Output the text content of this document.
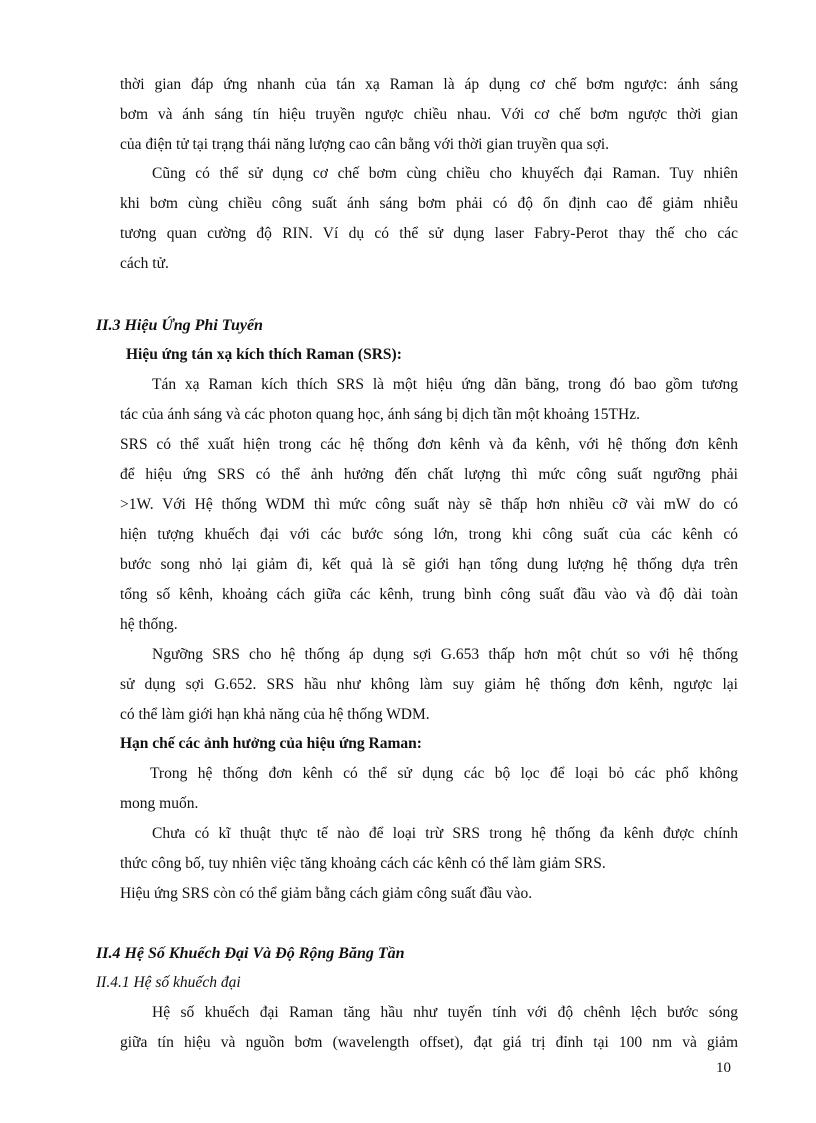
thời gian đáp ứng nhanh của tán xạ Raman là áp dụng cơ chế bơm ngược: ánh sáng
bơm và ánh sáng tín hiệu truyền ngược chiều nhau. Với cơ chế bơm ngược thời gian
của điện tử tại trạng thái năng lượng cao cân bằng với thời gian truyền qua sợi.
Cũng có thể sử dụng cơ chế bơm cùng chiều cho khuyếch đại Raman. Tuy nhiên
khi bơm cùng chiều công suất ánh sáng bơm phải có độ ổn định cao để giảm nhiễu
tương quan cường độ RIN. Ví dụ có thể sử dụng laser Fabry-Perot thay thế cho các
cách tử.
II.3 Hiệu Ứng Phi Tuyến
Hiệu ứng tán xạ kích thích Raman (SRS):
Tán xạ Raman kích thích SRS là một hiệu ứng dãn băng, trong đó bao gồm tương
tác của ánh sáng và các photon quang học, ánh sáng bị dịch tần một khoảng 15THz.
SRS có thể xuất hiện trong các hệ thống đơn kênh và đa kênh, với hệ thống đơn kênh
để hiệu ứng SRS có thể ảnh hưởng đến chất lượng thì mức công suất ngưỡng phải
>1W. Với Hệ thống WDM thì mức công suất này sẽ thấp hơn nhiều cỡ vài mW do có
hiện tượng khuếch đại với các bước sóng lớn, trong khi công suất của các kênh có
bước song nhỏ lại giảm đi, kết quả là sẽ giới hạn tổng dung lượng hệ thống dựa trên
tổng số kênh, khoảng cách giữa các kênh, trung bình công suất đầu vào và độ dài toàn
hệ thống.
Ngưỡng SRS cho hệ thống áp dụng sợi G.653 thấp hơn một chút so với hệ thống
sử dụng sợi G.652. SRS hầu như không làm suy giảm hệ thống đơn kênh, ngược lại
có thể làm giới hạn khả năng của hệ thống WDM.
Hạn chế các ảnh hưởng của hiệu ứng Raman:
Trong hệ thống đơn kênh có thể sử dụng các bộ lọc để loại bỏ các phổ không
mong muốn.
Chưa có kĩ thuật thực tế nào để loại trừ SRS trong hệ thống đa kênh được chính
thức công bố, tuy nhiên việc tăng khoảng cách các kênh có thể làm giảm SRS.
Hiệu ứng SRS còn có thể giảm bằng cách giảm công suất đầu vào.
II.4 Hệ Số Khuếch Đại Và Độ Rộng Băng Tần
II.4.1 Hệ số khuếch đại
Hệ số khuếch đại Raman tăng hầu như tuyến tính với độ chênh lệch bước sóng
giữa tín hiệu và nguồn bơm (wavelength offset), đạt giá trị đỉnh tại 100 nm và giảm
10
